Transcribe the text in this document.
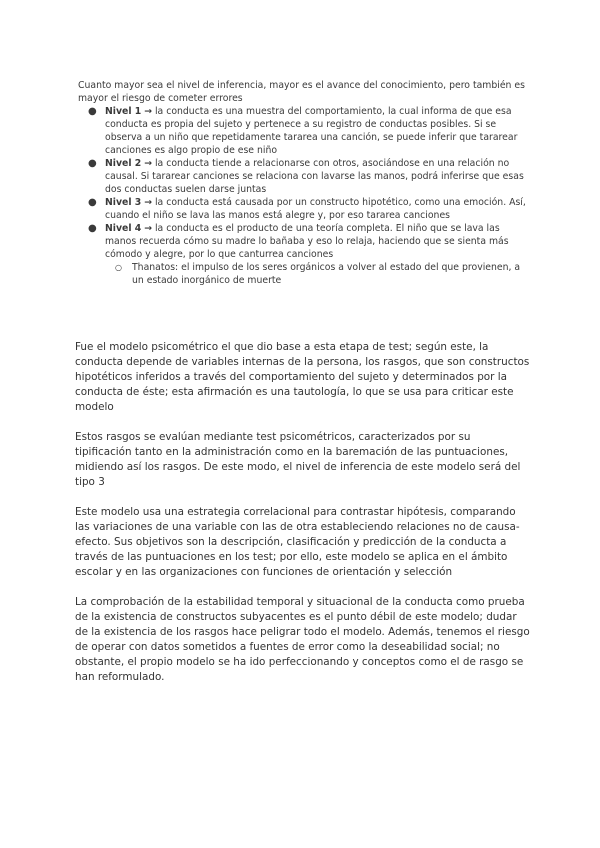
Cuanto mayor sea el nivel de inferencia, mayor es el avance del conocimiento, pero también es mayor el riesgo de cometer errores

● Nivel 1 → la conducta es una muestra del comportamiento, la cual informa de que esa conducta es propia del sujeto y pertenece a su registro de conductas posibles. Si se observa a un niño que repetidamente tararea una canción, se puede inferir que tararear canciones es algo propio de ese niño
● Nivel 2 → la conducta tiende a relacionarse con otros, asociándose en una relación no causal. Si tararear canciones se relaciona con lavarse las manos, podrá inferirse que esas dos conductas suelen darse juntas
● Nivel 3 → la conducta está causada por un constructo hipotético, como una emoción. Así, cuando el niño se lava las manos está alegre y, por eso tararea canciones
● Nivel 4 → la conducta es el producto de una teoría completa. El niño que se lava las manos recuerda cómo su madre lo bañaba y eso lo relaja, haciendo que se sienta más cómodo y alegre, por lo que canturrea canciones
○ Thanatos: el impulso de los seres orgánicos a volver al estado del que provienen, a un estado inorgánico de muerte

Fue el modelo psicométrico el que dio base a esta etapa de test; según este, la conducta depende de variables internas de la persona, los rasgos, que son constructos hipotéticos inferidos a través del comportamiento del sujeto y determinados por la conducta de éste; esta afirmación es una tautología, lo que se usa para criticar este modelo

Estos rasgos se evalúan mediante test psicométricos, caracterizados por su tipificación tanto en la administración como en la baremación de las puntuaciones, midiendo así los rasgos. De este modo, el nivel de inferencia de este modelo será del tipo 3

Este modelo usa una estrategia correlacional para contrastar hipótesis, comparando las variaciones de una variable con las de otra estableciendo relaciones no de causa-efecto. Sus objetivos son la descripción, clasificación y predicción de la conducta a través de las puntuaciones en los test; por ello, este modelo se aplica en el ámbito escolar y en las organizaciones con funciones de orientación y selección

La comprobación de la estabilidad temporal y situacional de la conducta como prueba de la existencia de constructos subyacentes es el punto débil de este modelo; dudar de la existencia de los rasgos hace peligrar todo el modelo. Además, tenemos el riesgo de operar con datos sometidos a fuentes de error como la deseabilidad social; no obstante, el propio modelo se ha ido perfeccionando y conceptos como el de rasgo se han reformulado.
